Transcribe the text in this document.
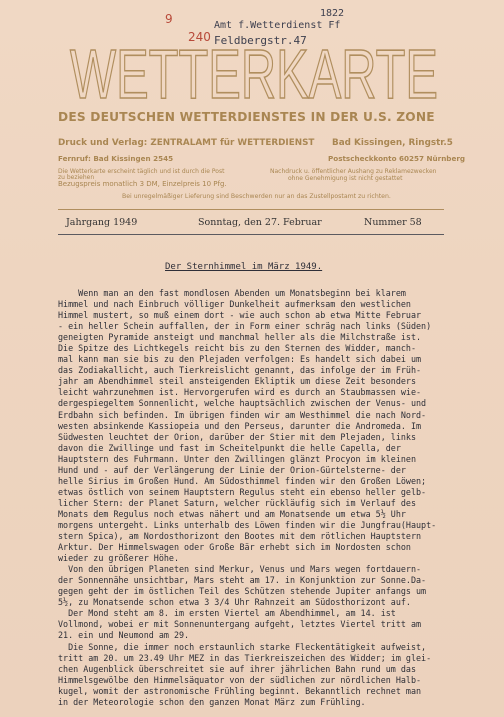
9
240
Amt f.Wetterdienst Ff
Feldbergstr.47
1822
WETTERKARTE
DES DEUTSCHEN WETTERDIENSTES IN DER U.S. ZONE
Druck und Verlag: ZENTRALAMT für WETTERDIENST Bad Kissingen, Ringstr.5
Fernruf: Bad Kissingen 2545	Postscheckkonto 60257 Nürnberg
Die Wetterkarte erscheint täglich und ist durch die Post
zu beziehen
Bezugspreis monatlich 3 DM, Einzelpreis 10 Pfg.
Nachdruck u. öffentlicher Aushang zu Reklamezwecken
ohne Genehmigung ist nicht gestattet
Bei unregelmäßiger Lieferung sind Beschwerden nur an das Zustellpostamt zu richten.
Jahrgang 1949	Sonntag, den 27. Februar	Nummer 58
Der Sternhimmel im März 1949.
Wenn man an den fast mondlosen Abenden um Monatsbeginn bei klarem
Himmel und nach Einbruch völliger Dunkelheit aufmerksam den westlichen
Himmel mustert, so muß einem dort - wie auch schon ab etwa Mitte Februar
- ein heller Schein auffallen, der in Form einer schräg nach links (Süden)
geneigten Pyramide ansteigt und manchmal heller als die Milchstraße ist.
Die Spitze des Lichtkegels reicht bis zu den Sternen des Widder, manch-
mal kann man sie bis zu den Plejaden verfolgen: Es handelt sich dabei um
das Zodiakallicht, auch Tierkreislicht genannt, das infolge der im Früh-
jahr am Abendhimmel steil ansteigenden Ekliptik um diese Zeit besonders
leicht wahrzunehmen ist. Hervorgerufen wird es durch an Staubmassen wie-
dergespiegeltem Sonnenlicht, welche hauptsächlich zwischen der Venus- und
Erdbahn sich befinden. Im übrigen finden wir am Westhimmel die nach Nord-
westen absinkende Kassiopeia und den Perseus, darunter die Andromeda. Im
Südwesten leuchtet der Orion, darüber der Stier mit dem Plejaden, links
davon die Zwillinge und fast im Scheitelpunkt die helle Capella, der
Hauptstern des Fuhrmann. Unter den Zwillingen glänzt Procyon im kleinen
Hund und - auf der Verlängerung der Linie der Orion-Gürtelsterne- der
helle Sirius im Großen Hund. Am Südosthimmel finden wir den Großen Löwen;
etwas östlich von seinem Hauptstern Regulus steht ein ebenso heller gelb-
licher Stern: der Planet Saturn, welcher rückläufig sich im Verlauf des
Monats dem Regulus noch etwas nähert und am Monatsende um etwa 5½ Uhr
morgens untergeht. Links unterhalb des Löwen finden wir die Jungfrau(Haupt-
stern Spica), am Nordosthorizont den Bootes mit dem rötlichen Hauptstern
Arktur. Der Himmelswagen oder Große Bär erhebt sich im Nordosten schon
wieder zu größerer Höhe.
Von den übrigen Planeten sind Merkur, Venus und Mars wegen fortdauern-
der Sonnennähe unsichtbar, Mars steht am 17. in Konjunktion zur Sonne.Da-
gegen geht der im östlichen Teil des Schützen stehende Jupiter anfangs um
5½, zu Monatsende schon etwa 3 3/4 Uhr Rahnzeit am Südosthorizont auf.
Der Mond steht am 8. im ersten Viertel am Abendhimmel, am 14. ist
Vollmond, wobei er mit Sonnenuntergang aufgeht, letztes Viertel tritt am
21. ein und Neumond am 29.
Die Sonne, die immer noch erstaunlich starke Fleckentätigkeit aufweist,
tritt am 20. um 23.49 Uhr MEZ in das Tierkreiszeichen des Widder; im glei-
chen Augenblick überschreitet sie auf ihrer jährlichen Bahn rund um das
Himmelsgewölbe den Himmelsäquator von der südlichen zur nördlichen Halb-
kugel, womit der astronomische Frühling beginnt. Bekanntlich rechnet man
in der Meteorologie schon den ganzen Monat März zum Frühling.
